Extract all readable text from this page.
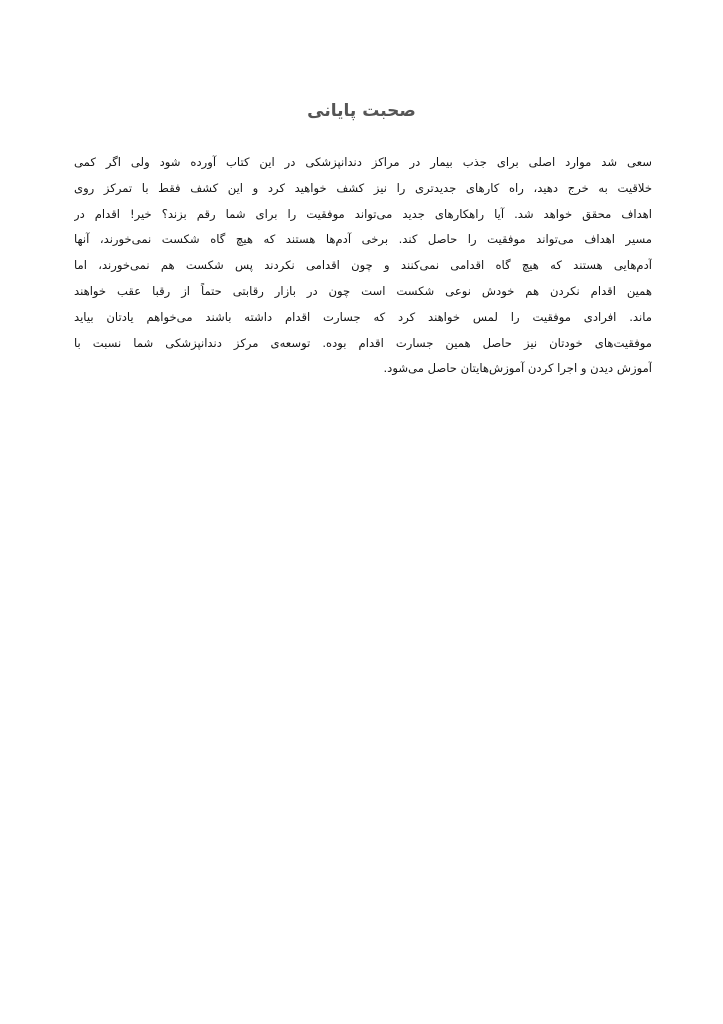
صحبت پایانی
سعی شد موارد اصلی برای جذب بیمار در مراکز دندانپزشکی در این کتاب آورده شود ولی اگر کمی
خلاقیت به خرج دهید، راه کارهای جدیدتری را نیز کشف خواهید کرد و این کشف فقط با تمرکز روی
اهداف محقق خواهد شد. آیا راهکارهای جدید می‌تواند موفقیت را برای شما رقم بزند؟ خیر! اقدام در
مسیر اهداف می‌تواند موفقیت را حاصل کند. برخی آدم‌ها هستند که هیچ گاه شکست نمی‌خورند، آنها
آدم‌هایی هستند که هیچ گاه اقدامی نمی‌کنند و چون اقدامی نکردند پس شکست هم نمی‌خورند، اما
همین اقدام نکردن هم خودش نوعی شکست است چون در بازار رقابتی حتماً از رقبا عقب خواهند
ماند. افرادی موفقیت را لمس خواهند کرد که جسارت اقدام داشته باشند می‌خواهم یادتان بیاید
موفقیت‌های خودتان نیز حاصل همین جسارت اقدام بوده. توسعه‌ی مرکز دندانپزشکی شما نسبت با
آموزش دیدن و اجرا کردن آموزش‌هایتان حاصل می‌شود.
